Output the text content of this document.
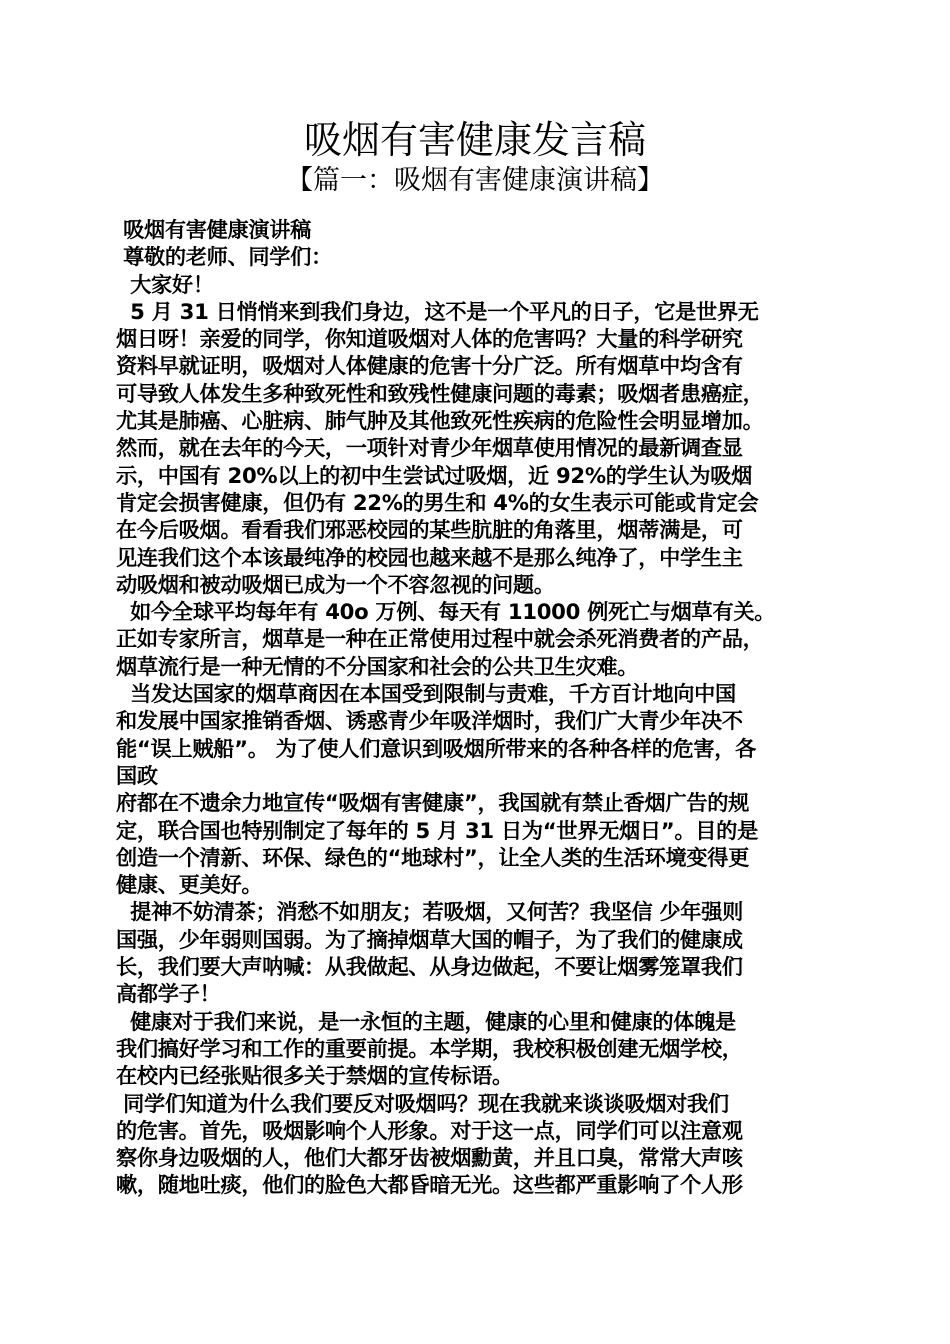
吸烟有害健康发言稿
【篇一：吸烟有害健康演讲稿】
吸烟有害健康演讲稿
尊敬的老师、同学们：
大家好！
5 月 31 日悄悄来到我们身边，这不是一个平凡的日子，它是世界无
烟日呀！亲爱的同学，你知道吸烟对人体的危害吗？大量的科学研究
资料早就证明，吸烟对人体健康的危害十分广泛。所有烟草中均含有
可导致人体发生多种致死性和致残性健康问题的毒素；吸烟者患癌症，
尤其是肺癌、心脏病、肺气肿及其他致死性疾病的危险性会明显增加。
然而，就在去年的今天，一项针对青少年烟草使用情况的最新调查显
示，中国有 20%以上的初中生尝试过吸烟，近 92%的学生认为吸烟
肯定会损害健康，但仍有 22%的男生和 4%的女生表示可能或肯定会
在今后吸烟。看看我们邪恶校园的某些肮脏的角落里，烟蒂满是，可
见连我们这个本该最纯净的校园也越来越不是那么纯净了，中学生主
动吸烟和被动吸烟已成为一个不容忽视的问题。
如今全球平均每年有 40o 万例、每天有 11000 例死亡与烟草有关。
正如专家所言，烟草是一种在正常使用过程中就会杀死消费者的产品，
烟草流行是一种无情的不分国家和社会的公共卫生灾难。
当发达国家的烟草商因在本国受到限制与责难，千方百计地向中国
和发展中国家推销香烟、诱惑青少年吸洋烟时，我们广大青少年决不
能“误上贼船”。 为了使人们意识到吸烟所带来的各种各样的危害，各
国政
府都在不遗余力地宣传“吸烟有害健康”，我国就有禁止香烟广告的规
定，联合国也特别制定了每年的 5 月 31 日为“世界无烟日”。目的是
创造一个清新、环保、绿色的“地球村”，让全人类的生活环境变得更
健康、更美好。
提神不妨清茶；消愁不如朋友；若吸烟，又何苦？我坚信 少年强则
国强，少年弱则国弱。为了摘掉烟草大国的帽子，为了我们的健康成
长，我们要大声呐喊：从我做起、从身边做起，不要让烟雾笼罩我们
高都学子！
健康对于我们来说，是一永恒的主题，健康的心里和健康的体魄是
我们搞好学习和工作的重要前提。本学期，我校积极创建无烟学校，
在校内已经张贴很多关于禁烟的宣传标语。
同学们知道为什么我们要反对吸烟吗？现在我就来谈谈吸烟对我们
的危害。首先，吸烟影响个人形象。对于这一点，同学们可以注意观
察你身边吸烟的人，他们大都牙齿被烟勳黄，并且口臭，常常大声咳
嗽，随地吐痰，他们的脸色大都昏暗无光。这些都严重影响了个人形
